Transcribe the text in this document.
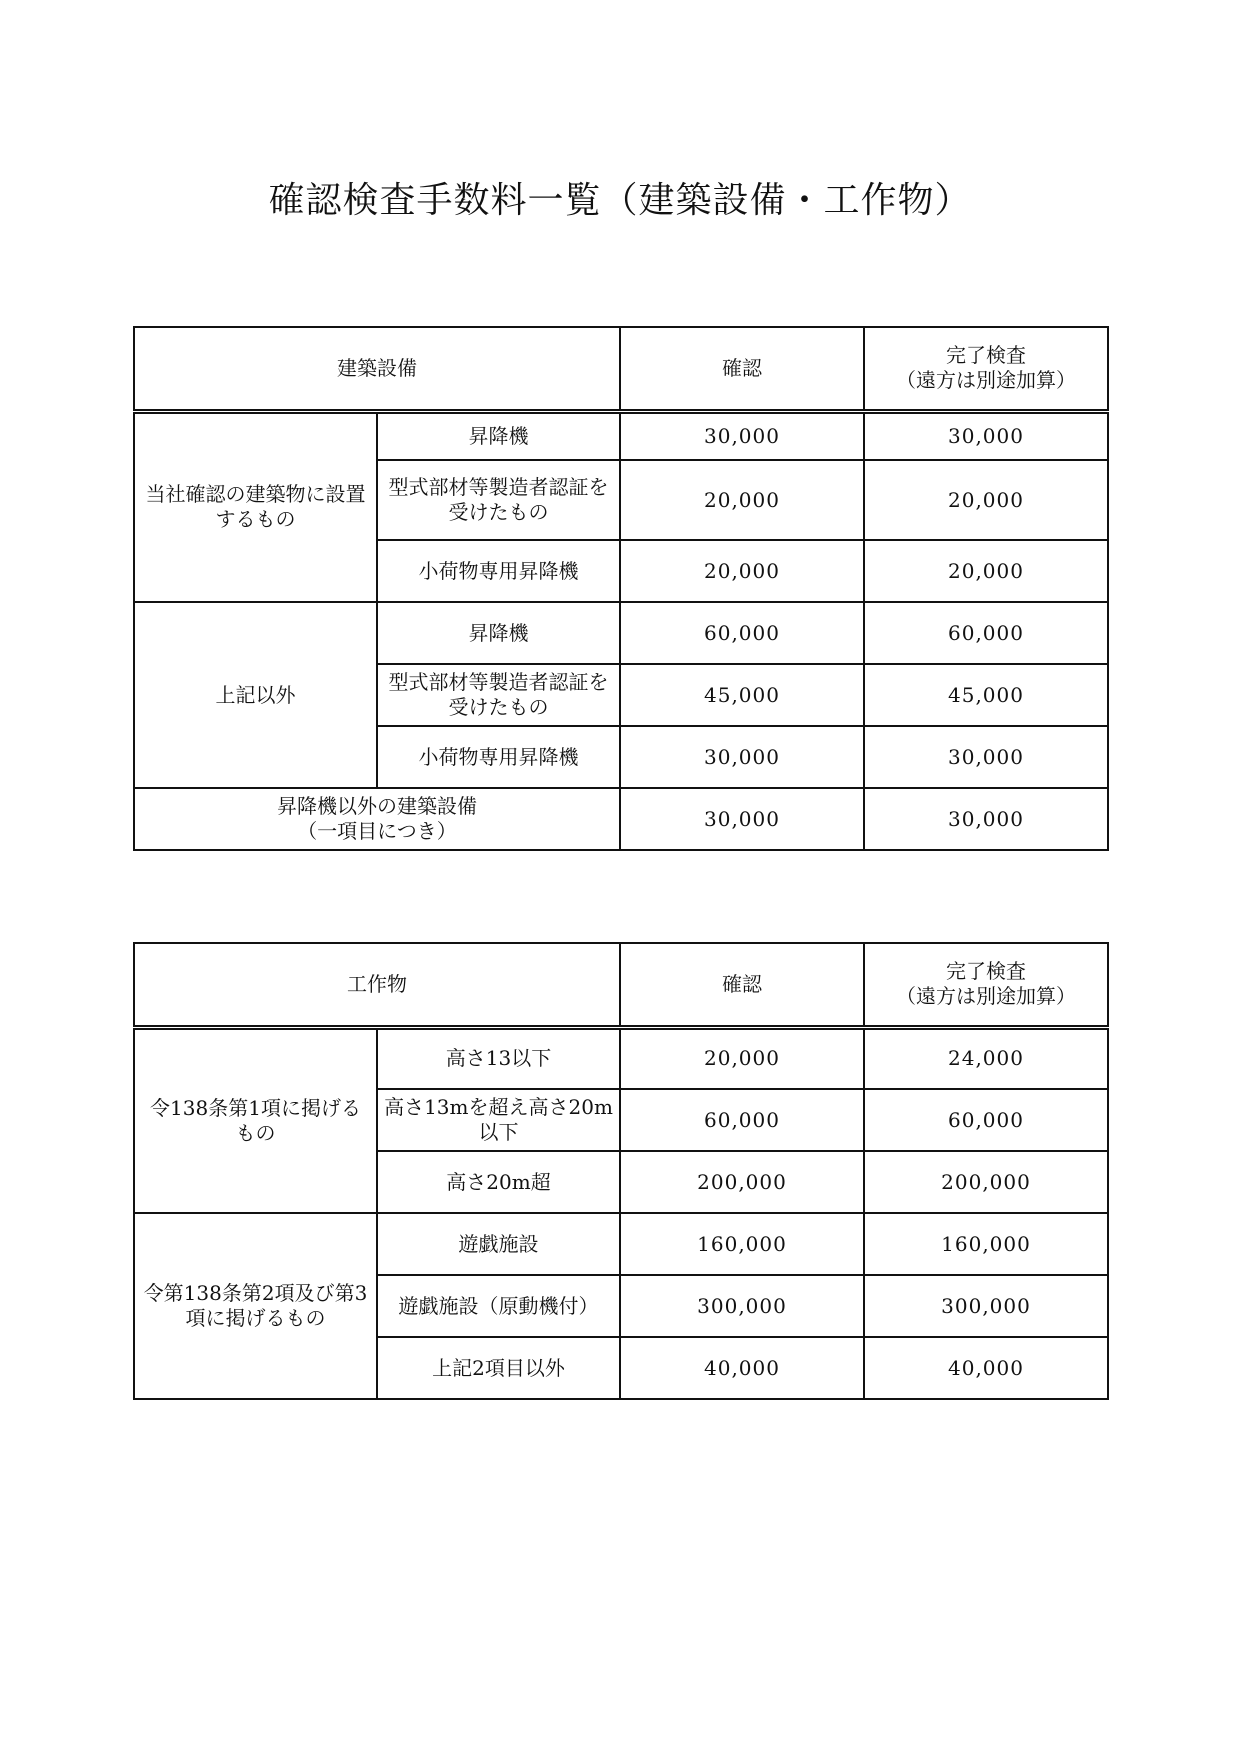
確認検査手数料一覧（建築設備・工作物）
建築設備		確認	完了検査
（遠方は別途加算）

当社確認の建築物に設置するもの	昇降機	30,000	30,000
	型式部材等製造者認証を受けたもの	20,000	20,000
	小荷物専用昇降機	20,000	20,000
上記以外	昇降機	60,000	60,000
	型式部材等製造者認証を受けたもの	45,000	45,000
	小荷物専用昇降機	30,000	30,000

昇降機以外の建築設備
（一項目につき）		30,000	30,000
工作物		確認	完了検査
（遠方は別途加算）

令138条第1項に掲げるもの	高さ13以下	20,000	24,000
	高さ13mを超え高さ20m以下	60,000	60,000
	高さ20m超	200,000	200,000
令第138条第2項及び第3項に掲げるもの	遊戯施設	160,000	160,000
	遊戯施設（原動機付）	300,000	300,000
	上記2項目以外	40,000	40,000
